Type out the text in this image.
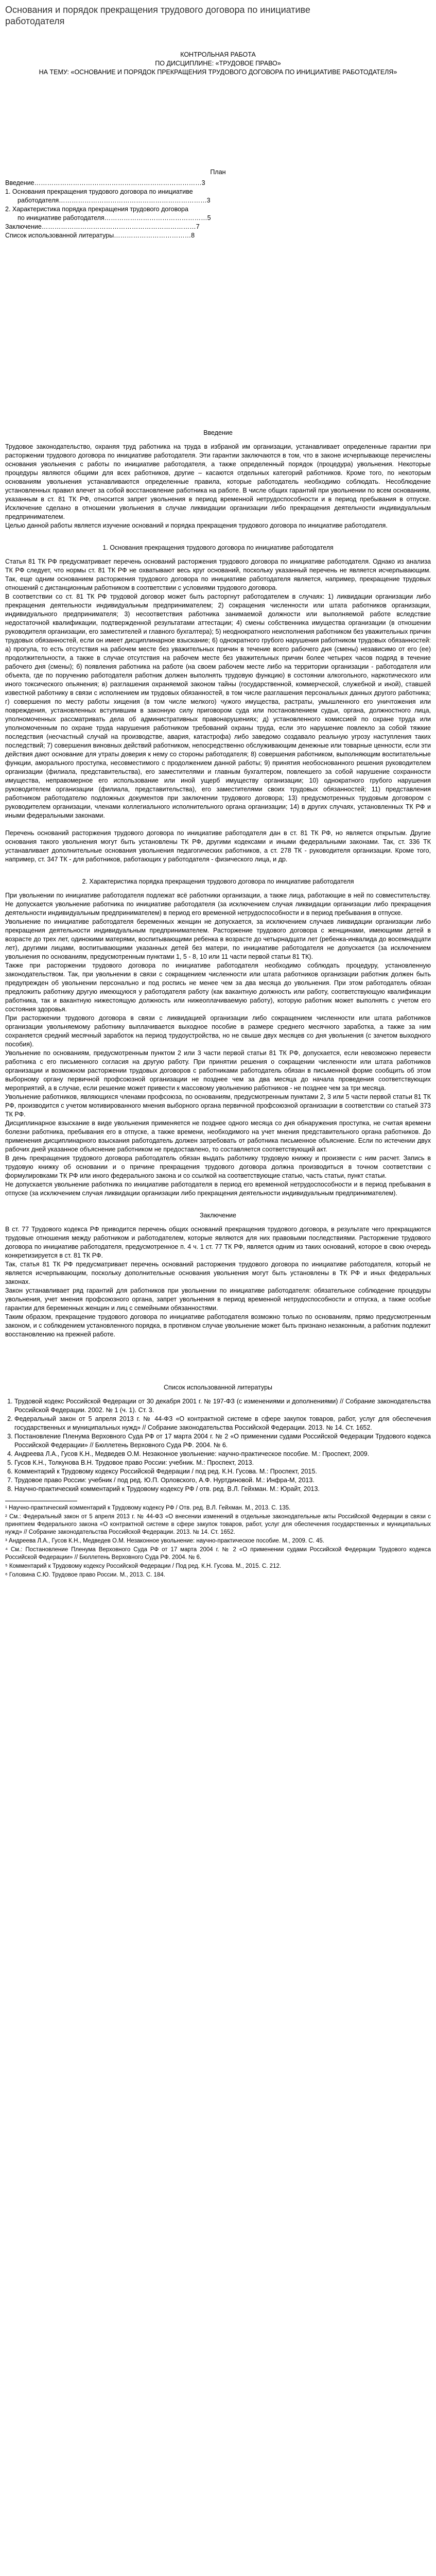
Основания и порядок прекращения трудового договора по инициативе работодателя
КОНТРОЛЬНАЯ РАБОТА
ПО ДИСЦИПЛИНЕ: «ТРУДОВОЕ ПРАВО»
НА ТЕМУ: «ОСНОВАНИЕ И ПОРЯДОК ПРЕКРАЩЕНИЯ ТРУДОВОГО ДОГОВОРА ПО ИНИЦИАТИВЕ РАБОТОДАТЕЛЯ»
План

Введение……………………………………………………………………3

1. Основания прекращения трудового договора по инициативе

работодателя……………………………………………………………3

2. Характеристика порядка прекращения трудового договора

по инициативе работодателя…………………………………………5

Заключение………………………………………………………………7

Список использованной литературы………………………………8

Введение

Трудовое законодательство, охраняя труд работника на труда в избраной им организации, устанавливает определенные гарантии при расторжении трудового договора по инициативе работодателя. Эти гарантии заключаются в том, что в законе исчерпывающе перечислены основания увольнения с работы по инициативе работодателя, а также определенный порядок (процедура) увольнения. Некоторые процедуры являются общими для всех работников, другие – касаются отдельных категорий работников. Кроме того, по некоторым основаниям увольнения устанавливаются определенные правила, которые работодатель необходимо соблюдать. Несоблюдение установленных правил влечет за собой восстановление работника на работе. В числе общих гарантий при увольнении по всем основаниям, указанным в ст. 81 ТК РФ, относится запрет увольнения в период временной нетрудоспособности и в период пребывания в отпуске. Исключение сделано в отношении увольнения в случае ликвидации организации либо прекращения деятельности индивидуальным предпринимателем.

Целью данной работы является изучение оснований и порядка прекращения трудового договора по инициативе работодателя.

1. Основания прекращения трудового договора по инициативе работодателя

Статья 81 ТК РФ предусматривает перечень оснований расторжения трудового договора по инициативе работодателя. Однако из анализа ТК РФ следует, что нормы ст. 81 ТК РФ не охватывают весь круг оснований, поскольку указанный перечень не является исчерпывающим. Так, еще одним основанием расторжения трудового договора по инициативе работодателя является, например, прекращение трудовых отношений с дистанционным работником в соответствии с условиями трудового договора.

В соответствии со ст. 81 ТК РФ трудовой договор может быть расторгнут работодателем в случаях: 1) ликвидации организации либо прекращения деятельности индивидуальным предпринимателем; 2) сокращения численности или штата работников организации, индивидуального предпринимателя; 3) несоответствия работника занимаемой должности или выполняемой работе вследствие недостаточной квалификации, подтвержденной результатами аттестации; 4) смены собственника имущества организации (в отношении руководителя организации, его заместителей и главного бухгалтера); 5) неоднократного неисполнения работником без уважительных причин трудовых обязанностей, если он имеет дисциплинарное взыскание; 6) однократного грубого нарушения работником трудовых обязанностей: а) прогула, то есть отсутствия на рабочем месте без уважительных причин в течение всего рабочего дня (смены) независимо от его (ее) продолжительности, а также в случае отсутствия на рабочем месте без уважительных причин более четырех часов подряд в течение рабочего дня (смены); б) появления работника на работе (на своем рабочем месте либо на территории организации - работодателя или объекта, где по поручению работодателя работник должен выполнять трудовую функцию) в состоянии алкогольного, наркотического или иного токсического опьянения; в) разглашения охраняемой законом тайны (государственной, коммерческой, служебной и иной), ставшей известной работнику в связи с исполнением им трудовых обязанностей, в том числе разглашения персональных данных другого работника; г) совершения по месту работы хищения (в том числе мелкого) чужого имущества, растраты, умышленного его уничтожения или повреждения, установленных вступившим в законную силу приговором суда или постановлением судьи, органа, должностного лица, уполномоченных рассматривать дела об административных правонарушениях; д) установленного комиссией по охране труда или уполномоченным по охране труда нарушения работником требований охраны труда, если это нарушение повлекло за собой тяжкие последствия (несчастный случай на производстве, авария, катастрофа) либо заведомо создавало реальную угрозу наступления таких последствий; 7) совершения виновных действий работником, непосредственно обслуживающим денежные или товарные ценности, если эти действия дают основание для утраты доверия к нему со стороны работодателя; 8) совершения работником, выполняющим воспитательные функции, аморального проступка, несовместимого с продолжением данной работы; 9) принятия необоснованного решения руководителем организации (филиала, представительства), его заместителями и главным бухгалтером, повлекшего за собой нарушение сохранности имущества, неправомерное его использование или иной ущерб имуществу организации; 10) однократного грубого нарушения руководителем организации (филиала, представительства), его заместителями своих трудовых обязанностей; 11) представления работником работодателю подложных документов при заключении трудового договора; 13) предусмотренных трудовым договором с руководителем организации, членами коллегиального исполнительного органа организации; 14) в других случаях, установленных ТК РФ и иными федеральными законами.

Перечень оснований расторжения трудового договора по инициативе работодателя дан в ст. 81 ТК РФ, но является открытым. Другие основания такого увольнения могут быть установлены ТК РФ, другими кодексами и иными федеральными законами. Так, ст. 336 ТК устанавливает дополнительные основания увольнения педагогических работников, а ст. 278 ТК - руководителя организации. Кроме того, например, ст. 347 ТК - для работников, работающих у работодателя - физического лица, и др.

2. Характеристика порядка прекращения трудового договора по инициативе работодателя

При увольнении по инициативе работодателя подлежат всё работники организации, а также лица, работающие в ней по совместительству. Не допускается увольнение работника по инициативе работодателя (за исключением случая ликвидации организации либо прекращения деятельности индивидуальным предпринимателем) в период его временной нетрудоспособности и в период пребывания в отпуске.

Увольнение по инициативе работодателя беременных женщин не допускается, за исключением случаев ликвидации организации либо прекращения деятельности индивидуальным предпринимателем. Расторжение трудового договора с женщинами, имеющими детей в возрасте до трех лет, одинокими матерями, воспитывающими ребенка в возрасте до четырнадцати лет (ребенка-инвалида до восемнадцати лет), другими лицами, воспитывающими указанных детей без матери, по инициативе работодателя не допускается (за исключением увольнения по основаниям, предусмотренным пунктами 1, 5 - 8, 10 или 11 части первой статьи 81 ТК).

Также при расторжении трудового договора по инициативе работодателя необходимо соблюдать процедуру, установленную законодательством. Так, при увольнении в связи с сокращением численности или штата работников организации работник должен быть предупрежден об увольнении персонально и под роспись не менее чем за два месяца до увольнения. При этом работодатель обязан предложить работнику другую имеющуюся у работодателя работу (как вакантную должность или работу, соответствующую квалификации работника, так и вакантную нижестоящую должность или нижеоплачиваемую работу), которую работник может выполнять с учетом его состояния здоровья.

При расторжении трудового договора в связи с ликвидацией организации либо сокращением численности или штата работников организации увольняемому работнику выплачивается выходное пособие в размере среднего месячного заработка, а также за ним сохраняется средний месячный заработок на период трудоустройства, но не свыше двух месяцев со дня увольнения (с зачетом выходного пособия).

Увольнение по основаниям, предусмотренным пунктом 2 или 3 части первой статьи 81 ТК РФ, допускается, если невозможно перевести работника с его письменного согласия на другую работу. При принятии решения о сокращении численности или штата работников организации и возможном расторжении трудовых договоров с работниками работодатель обязан в письменной форме сообщить об этом выборному органу первичной профсоюзной организации не позднее чем за два месяца до начала проведения соответствующих мероприятий, а в случае, если решение может привести к массовому увольнению работников - не позднее чем за три месяца.

Увольнение работников, являющихся членами профсоюза, по основаниям, предусмотренным пунктами 2, 3 или 5 части первой статьи 81 ТК РФ, производится с учетом мотивированного мнения выборного органа первичной профсоюзной организации в соответствии со статьей 373 ТК РФ.

Дисциплинарное взыскание в виде увольнения применяется не позднее одного месяца со дня обнаружения проступка, не считая времени болезни работника, пребывания его в отпуске, а также времени, необходимого на учет мнения представительного органа работников. До применения дисциплинарного взыскания работодатель должен затребовать от работника письменное объяснение. Если по истечении двух рабочих дней указанное объяснение работником не предоставлено, то составляется соответствующий акт.

В день прекращения трудового договора работодатель обязан выдать работнику трудовую книжку и произвести с ним расчет. Запись в трудовую книжку об основании и о причине прекращения трудового договора должна производиться в точном соответствии с формулировками ТК РФ или иного федерального закона и со ссылкой на соответствующие статью, часть статьи, пункт статьи.

Не допускается увольнение работника по инициативе работодателя в период его временной нетрудоспособности и в период пребывания в отпуске (за исключением случая ликвидации организации либо прекращения деятельности индивидуальным предпринимателем).

Заключение

В ст. 77 Трудового кодекса РФ приводится перечень общих оснований прекращения трудового договора, в результате чего прекращаются трудовые отношения между работником и работодателем, которые являются для них правовыми последствиями. Расторжение трудового договора по инициативе работодателя, предусмотренное п. 4 ч. 1 ст. 77 ТК РФ, является одним из таких оснований, которое в свою очередь конкретизируется в ст. 81 ТК РФ.

Так, статья 81 ТК РФ предусматривает перечень оснований расторжения трудового договора по инициативе работодателя, который не является исчерпывающим, поскольку дополнительные основания увольнения могут быть установлены в ТК РФ и иных федеральных законах.

Закон устанавливает ряд гарантий для работников при увольнении по инициативе работодателя: обязательное соблюдение процедуры увольнения, учет мнения профсоюзного органа, запрет увольнения в период временной нетрудоспособности и отпуска, а также особые гарантии для беременных женщин и лиц с семейными обязанностями.

Таким образом, прекращение трудового договора по инициативе работодателя возможно только по основаниям, прямо предусмотренным законом, и с соблюдением установленного порядка, в противном случае увольнение может быть признано незаконным, а работник подлежит восстановлению на прежней работе.

Список использованной литературы
1. Трудовой кодекс Российской Федерации от 30 декабря 2001 г. № 197-ФЗ (с изменениями и дополнениями) // Собрание законодательства Российской Федерации. 2002. № 1 (ч. 1). Ст. 3.
2. Федеральный закон от 5 апреля 2013 г. № 44-ФЗ «О контрактной системе в сфере закупок товаров, работ, услуг для обеспечения государственных и муниципальных нужд» // Собрание законодательства Российской Федерации. 2013. № 14. Ст. 1652.
3. Постановление Пленума Верховного Суда РФ от 17 марта 2004 г. № 2 «О применении судами Российской Федерации Трудового кодекса Российской Федерации» // Бюллетень Верховного Суда РФ. 2004. № 6.
4. Андреева Л.А., Гусов К.Н., Медведев О.М. Незаконное увольнение: научно-практическое пособие. М.: Проспект, 2009.
5. Гусов К.Н., Толкунова В.Н. Трудовое право России: учебник. М.: Проспект, 2013.
6. Комментарий к Трудовому кодексу Российской Федерации / под ред. К.Н. Гусова. М.: Проспект, 2015.
7. Трудовое право России: учебник / под ред. Ю.П. Орловского, А.Ф. Нуртдиновой. М.: Инфра-М, 2013.
8. Научно-практический комментарий к Трудовому кодексу РФ / отв. ред. В.Л. Гейхман. М.: Юрайт, 2013.

¹ Научно-практический комментарий к Трудовому кодексу РФ / Отв. ред. В.Л. Гейхман. М., 2013. С. 135.

² См.: Федеральный закон от 5 апреля 2013 г. № 44-ФЗ «О внесении изменений в отдельные законодательные акты Российской Федерации в связи с принятием Федерального закона «О контрактной системе в сфере закупок товаров, работ, услуг для обеспечения государственных и муниципальных нужд» // Собрание законодательства Российской Федерации. 2013. № 14. Ст. 1652.

³ Андреева Л.А., Гусов К.Н., Медведев О.М. Незаконное увольнение: научно-практическое пособие. М., 2009. С. 45.

⁴ См.: Постановление Пленума Верховного Суда РФ от 17 марта 2004 г. № 2 «О применении судами Российской Федерации Трудового кодекса Российской Федерации» // Бюллетень Верховного Суда РФ. 2004. № 6.

⁵ Комментарий к Трудовому кодексу Российской Федерации / Под ред. К.Н. Гусова. М., 2015. С. 212.

⁶ Головина С.Ю. Трудовое право России. М., 2013. С. 184.
